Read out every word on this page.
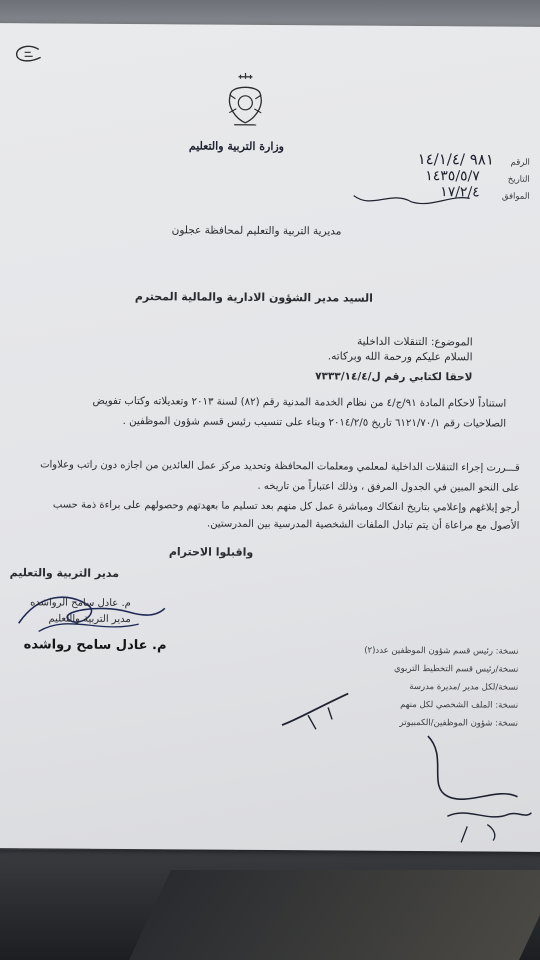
وزارة التربية والتعليم
الرقم
٩٨١ /١٤/١/٤
التاريخ
١٤٣٥/٥/٧
الموافق
١٧/٢/٤
مديرية التربية والتعليم لمحافظة عجلون
السيد مدير الشؤون الادارية والمالية المحترم
الموضوع: التنقلات الداخلية
السلام عليكم ورحمة الله وبركاته.
لاحقا لكتابي رقم ل/٧٣٣٣/١٤/٤
استناداً لاحكام المادة ٩١/ج/٤ من نظام الخدمة المدنية رقم (٨٢) لسنة ٢٠١٣ وتعديلاته وكتاب تفويض
الصلاحيات رقم ٦١٢١/٧٠/١ تاريخ ٢٠١٤/٢/٥ وبناء على تنسيب رئيس قسم شؤون الموظفين .
قـــررت إجراء التنقلات الداخلية لمعلمي ومعلمات المحافظة وتحديد مركز عمل العائدين من اجازه دون راتب وعلاوات
على النحو المبين في الجدول المرفق ، وذلك اعتباراً من تاريخه .
أرجو إبلاغهم وإعلامي بتاريخ انفكاك ومباشرة عمل كل منهم بعد تسليم ما بعهدتهم وحصولهم على براءة ذمة حسب
الأصول مع مراعاة أن يتم تبادل الملفات الشخصية المدرسية بين المدرستين.
واقبلوا الاحترام
مدير التربية والتعليم
م. عادل سامح الرواشده
مدير التربية والتعليم
م. عادل سامح رواشده	نسخة: رئيس قسم شؤون الموظفين عدد(٢)
نسخة/رئيس قسم التخطيط التربوي
نسخة/لكل مدير /مديرة مدرسة
نسخة: الملف الشخصي لكل منهم
نسخة: شؤون الموظفين/الكمبيوتر
